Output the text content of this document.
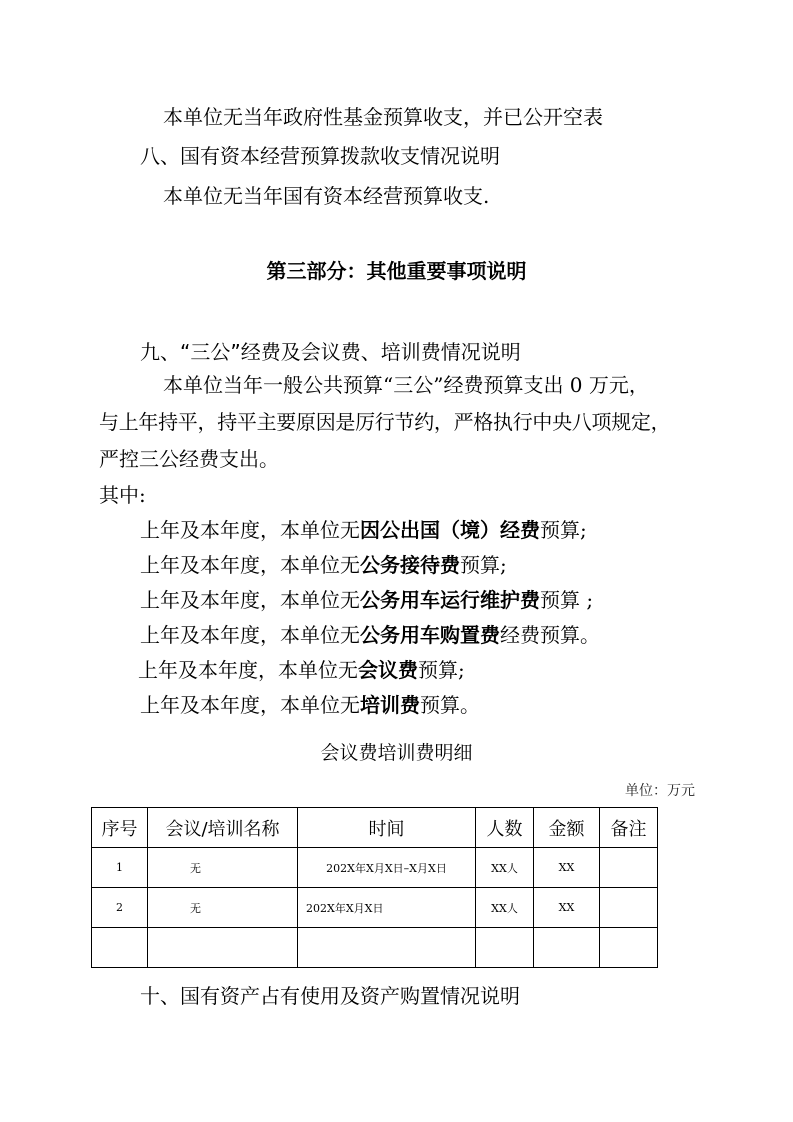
本单位无当年政府性基金预算收支，并已公开空表
八、国有资本经营预算拨款收支情况说明
本单位无当年国有资本经营预算收支.
第三部分：其他重要事项说明
九、“三公”经费及会议费、培训费情况说明
本单位当年一般公共预算“三公”经费预算支出 0 万元，
与上年持平，持平主要原因是厉行节约，严格执行中央八项规定，
严控三公经费支出。
其中:
上年及本年度，本单位无因公出国（境）经费预算;
上年及本年度，本单位无公务接待费预算;
上年及本年度，本单位无公务用车运行维护费预算 ;
上年及本年度，本单位无公务用车购置费经费预算。
上年及本年度，本单位无会议费预算;
上年及本年度，本单位无培训费预算。
会议费培训费明细
单位：万元
序号	会议/培训名称	时间	人数	金额	备注
1	无	202X年X月X日–X月X日	XX人	XX	
2	无	202X年X月X日	XX人	XX	

十、国有资产占有使用及资产购置情况说明
